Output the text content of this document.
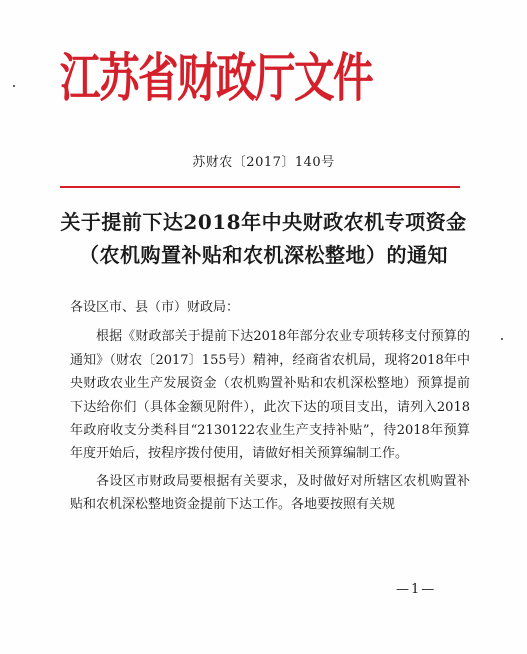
江苏省财政厅文件
苏财农〔2017〕140号
关于提前下达2018年中央财政农机专项资金
（农机购置补贴和农机深松整地）的通知

各设区市、县（市）财政局：

根据《财政部关于提前下达2018年部分农业专项转移支付预算的通知》（财农〔2017〕155号）精神，经商省农机局，现将2018年中央财政农业生产发展资金（农机购置补贴和农机深松整地）预算提前下达给你们（具体金额见附件），此次下达的项目支出，请列入2018年政府收支分类科目“2130122农业生产支持补贴”，待2018年预算年度开始后，按程序拨付使用，请做好相关预算编制工作。

各设区市财政局要根据有关要求，及时做好对所辖区农机购置补贴和农机深松整地资金提前下达工作。各地要按照有关规

—1—
